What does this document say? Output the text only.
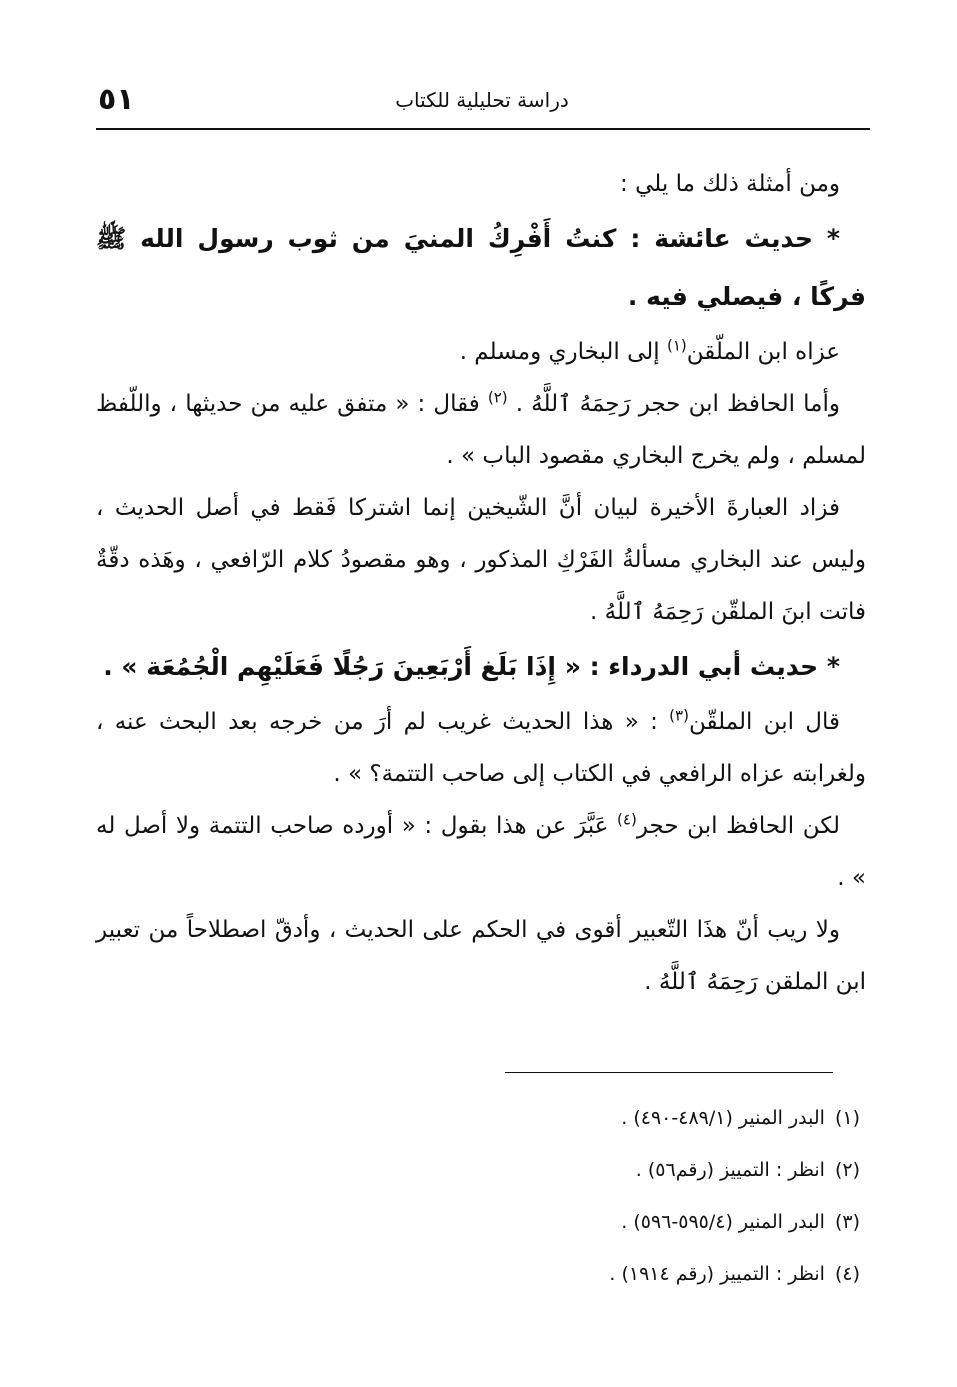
٥١	دراسة تحليلية للكتاب

ومن أمثلة ذلك ما يلي :

* حديث عائشة : كنتُ أَفْرِكُ المنيَ من ثوب رسول الله ﷺ فركًا ، فيصلي فيه .

عزاه ابن الملّقن$^{(١)}$ إلى البخاري ومسلم .

وأما الحافظ ابن حجر رَحِمَهُ ٱللَّهُ . $^{(٢)}$ فقال : « متفق عليه من حديثها ، واللّفظ لمسلم ، ولم يخرج البخاري مقصود الباب » .

فزاد العبارةَ الأخيرة لبيان أنَّ الشّيخين إنما اشتركا فَقط في أصل الحديث ، وليس عند البخاري مسألةُ الفَرْكِ المذكور ، وهو مقصودُ كلام الرّافعي ، وهَذه دقّةٌ فاتت ابنَ الملقّن رَحِمَهُ ٱللَّهُ .

* حديث أبي الدرداء : « إِذَا بَلَغ أَرْبَعِينَ رَجُلًا فَعَلَيْهِم الْجُمُعَة » .

قال ابن الملقّن$^{(٣)}$ : « هذا الحديث غريب لم أرَ من خرجه بعد البحث عنه ، ولغرابته عزاه الرافعي في الكتاب إلى صاحب التتمة؟ » .

لكن الحافظ ابن حجر$^{(٤)}$ عَبَّرَ عن هذا بقول : « أورده صاحب التتمة ولا أصل له » .

ولا ريب أنّ هذَا التّعبير أقوى في الحكم على الحديث ، وأدقّ اصطلاحاً من تعبير ابن الملقن رَحِمَهُ ٱللَّهُ .

(١)البدر المنير (٤٨٩/١-٤٩٠) .

(٢)انظر : التمييز (رقم٥٦) .

(٣)البدر المنير (٥٩٥/٤-٥٩٦) .

(٤)انظر : التمييز (رقم ١٩١٤) .
